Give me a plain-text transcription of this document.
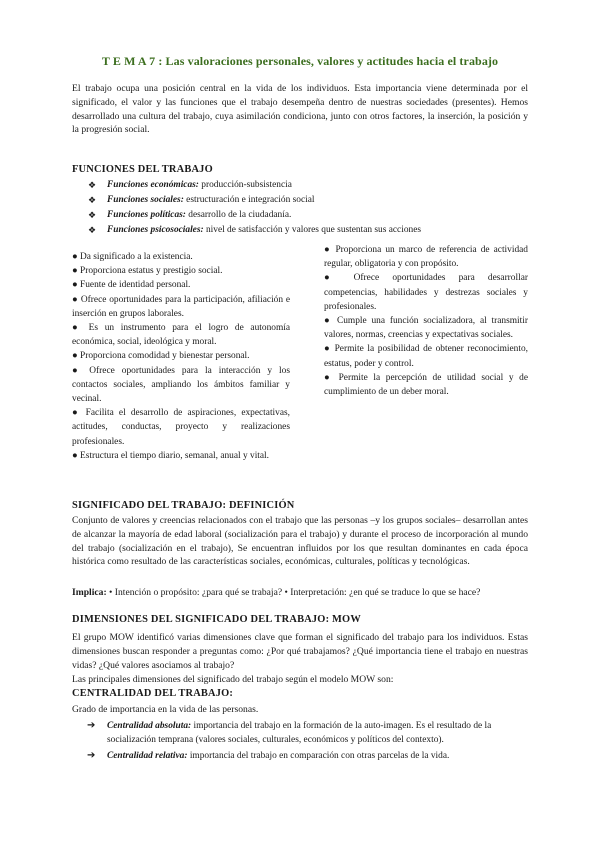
T E M A 7 : Las valoraciones personales, valores y actitudes hacia el trabajo
El trabajo ocupa una posición central en la vida de los individuos. Esta importancia viene determinada por el significado, el valor y las funciones que el trabajo desempeña dentro de nuestras sociedades (presentes). Hemos desarrollado una cultura del trabajo, cuya asimilación condiciona, junto con otros factores, la inserción, la posición y la progresión social.
FUNCIONES DEL TRABAJO
❖ Funciones económicas: producción-subsistencia
❖ Funciones sociales: estructuración e integración social
❖ Funciones políticas: desarrollo de la ciudadanía.
❖ Funciones psicosociales: nivel de satisfacción y valores que sustentan sus acciones

● Da significado a la existencia.

● Proporciona estatus y prestigio social.

● Fuente de identidad personal.

● Ofrece oportunidades para la participación, afiliación e inserción en grupos laborales.

● Es un instrumento para el logro de autonomía económica, social, ideológica y moral.

● Proporciona comodidad y bienestar personal.

● Ofrece oportunidades para la interacción y los contactos sociales, ampliando los ámbitos familiar y vecinal.

● Facilita el desarrollo de aspiraciones, expectativas, actitudes, conductas, proyecto y realizaciones profesionales.

● Estructura el tiempo diario, semanal, anual y vital.

● Proporciona un marco de referencia de actividad regular, obligatoria y con propósito.

● Ofrece oportunidades para desarrollar competencias, habilidades y destrezas sociales y profesionales.

● Cumple una función socializadora, al transmitir valores, normas, creencias y expectativas sociales.

● Permite la posibilidad de obtener reconocimiento, estatus, poder y control.

● Permite la percepción de utilidad social y de cumplimiento de un deber moral.

SIGNIFICADO DEL TRABAJO: DEFINICIÓN
Conjunto de valores y creencias relacionados con el trabajo que las personas –y los grupos sociales– desarrollan antes de alcanzar la mayoría de edad laboral (socialización para el trabajo) y durante el proceso de incorporación al mundo del trabajo (socialización en el trabajo), Se encuentran influidos por los que resultan dominantes en cada época histórica como resultado de las características sociales, económicas, culturales, políticas y tecnológicas.
Implica: • Intención o propósito: ¿para qué se trabaja? • Interpretación: ¿en qué se traduce lo que se hace?
DIMENSIONES DEL SIGNIFICADO DEL TRABAJO: MOW
El grupo MOW identificó varias dimensiones clave que forman el significado del trabajo para los individuos. Estas dimensiones buscan responder a preguntas como: ¿Por qué trabajamos? ¿Qué importancia tiene el trabajo en nuestras vidas? ¿Qué valores asociamos al trabajo?
Las principales dimensiones del significado del trabajo según el modelo MOW son:
CENTRALIDAD DEL TRABAJO:
Grado de importancia en la vida de las personas.
➔ Centralidad absoluta: importancia del trabajo en la formación de la auto-imagen. Es el resultado de la socialización temprana (valores sociales, culturales, económicos y políticos del contexto).
➔ Centralidad relativa: importancia del trabajo en comparación con otras parcelas de la vida.
